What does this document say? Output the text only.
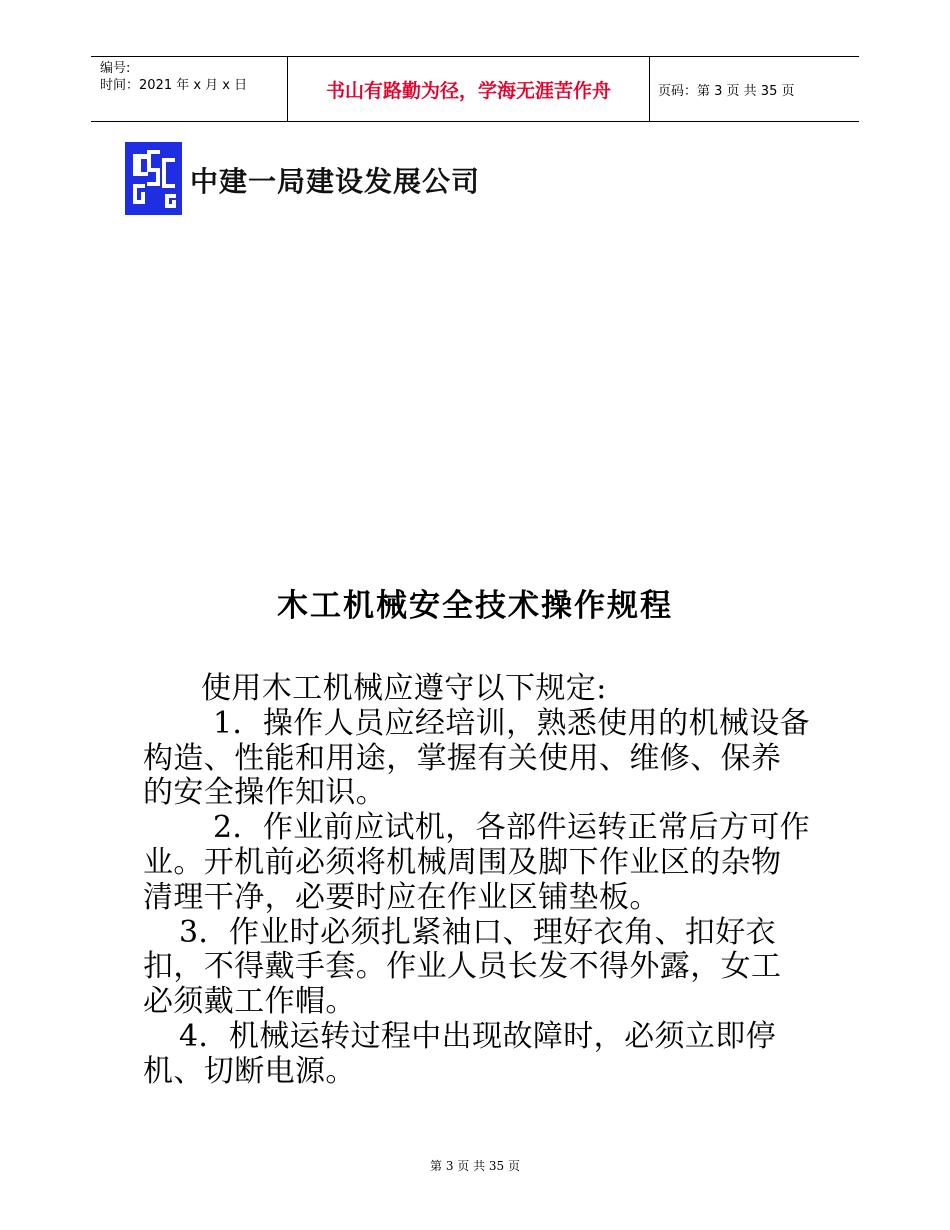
编号:
时间：2021 年 x 月 x 日	书山有路勤为径，学海无涯苦作舟	页码：第 3 页 共 35 页
中建一局建设发展公司
木工机械安全技术操作规程

使用木工机械应遵守以下规定:

1．操作人员应经培训，熟悉使用的机械设备构造、性能和用途，掌握有关使用、维修、保养的安全操作知识。

2．作业前应试机，各部件运转正常后方可作业。开机前必须将机械周围及脚下作业区的杂物清理干净，必要时应在作业区铺垫板。

3．作业时必须扎紧袖口、理好衣角、扣好衣扣，不得戴手套。作业人员长发不得外露，女工必须戴工作帽。

4．机械运转过程中出现故障时，必须立即停机、切断电源。

第 3 页 共 35 页
